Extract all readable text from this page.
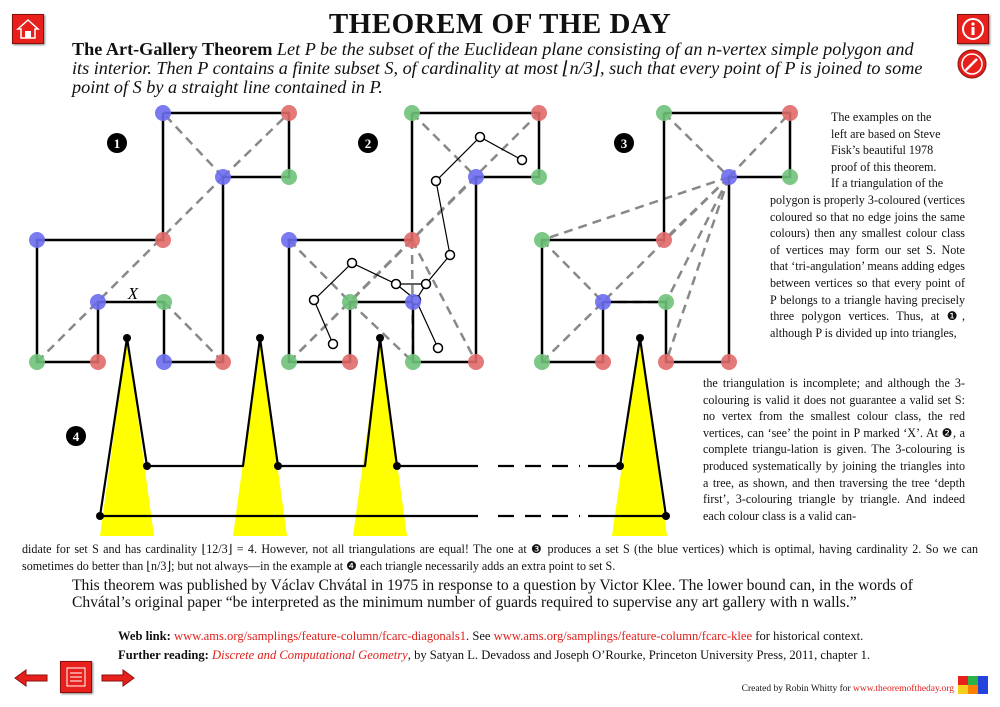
THEOREM OF THE DAY
The Art-Gallery Theorem Let P be the subset of the Euclidean plane consisting of an n-vertex simple polygon and its interior. Then P contains a finite subset S, of cardinality at most ⌊n/3⌋, such that every point of P is joined to some point of S by a straight line contained in P.
1	2	3
4
X
The examples on the
left are based on Steve
Fisk’s beautiful 1978
proof of this theorem.
If a triangulation of the
polygon is properly 3-coloured (vertices coloured so that no edge joins the same colours) then any smallest colour class of vertices may form our set S. Note that ‘tri-angulation’ means adding edges between vertices so that every point of P belongs to a triangle having precisely three polygon vertices. Thus, at ❶, although P is divided up into triangles,
the triangulation is incomplete; and although the 3-colouring is valid it does not guarantee a valid set S: no vertex from the smallest colour class, the red vertices, can ‘see’ the point in P marked ‘X’. At ❷, a complete triangu-lation is given. The 3-colouring is produced systematically by joining the triangles into a tree, as shown, and then traversing the tree ‘depth first’, 3-colouring triangle by triangle. And indeed each colour class is a valid can-
didate for set S and has cardinality ⌊12/3⌋ = 4. However, not all triangulations are equal! The one at ❸ produces a set S (the blue vertices) which is optimal, having cardinality 2. So we can sometimes do better than ⌊n/3⌋; but not always—in the example at ❹ each triangle necessarily adds an extra point to set S.
This theorem was published by Václav Chvátal in 1975 in response to a question by Victor Klee. The lower bound can, in the words of Chvátal’s original paper “be interpreted as the minimum number of guards required to supervise any art gallery with n walls.”
Web link: www.ams.org/samplings/feature-column/fcarc-diagonals1. See www.ams.org/samplings/feature-column/fcarc-klee for historical context.
Further reading: Discrete and Computational Geometry, by Satyan L. Devadoss and Joseph O’Rourke, Princeton University Press, 2011, chapter 1.
Created by Robin Whitty for www.theoremoftheday.org
